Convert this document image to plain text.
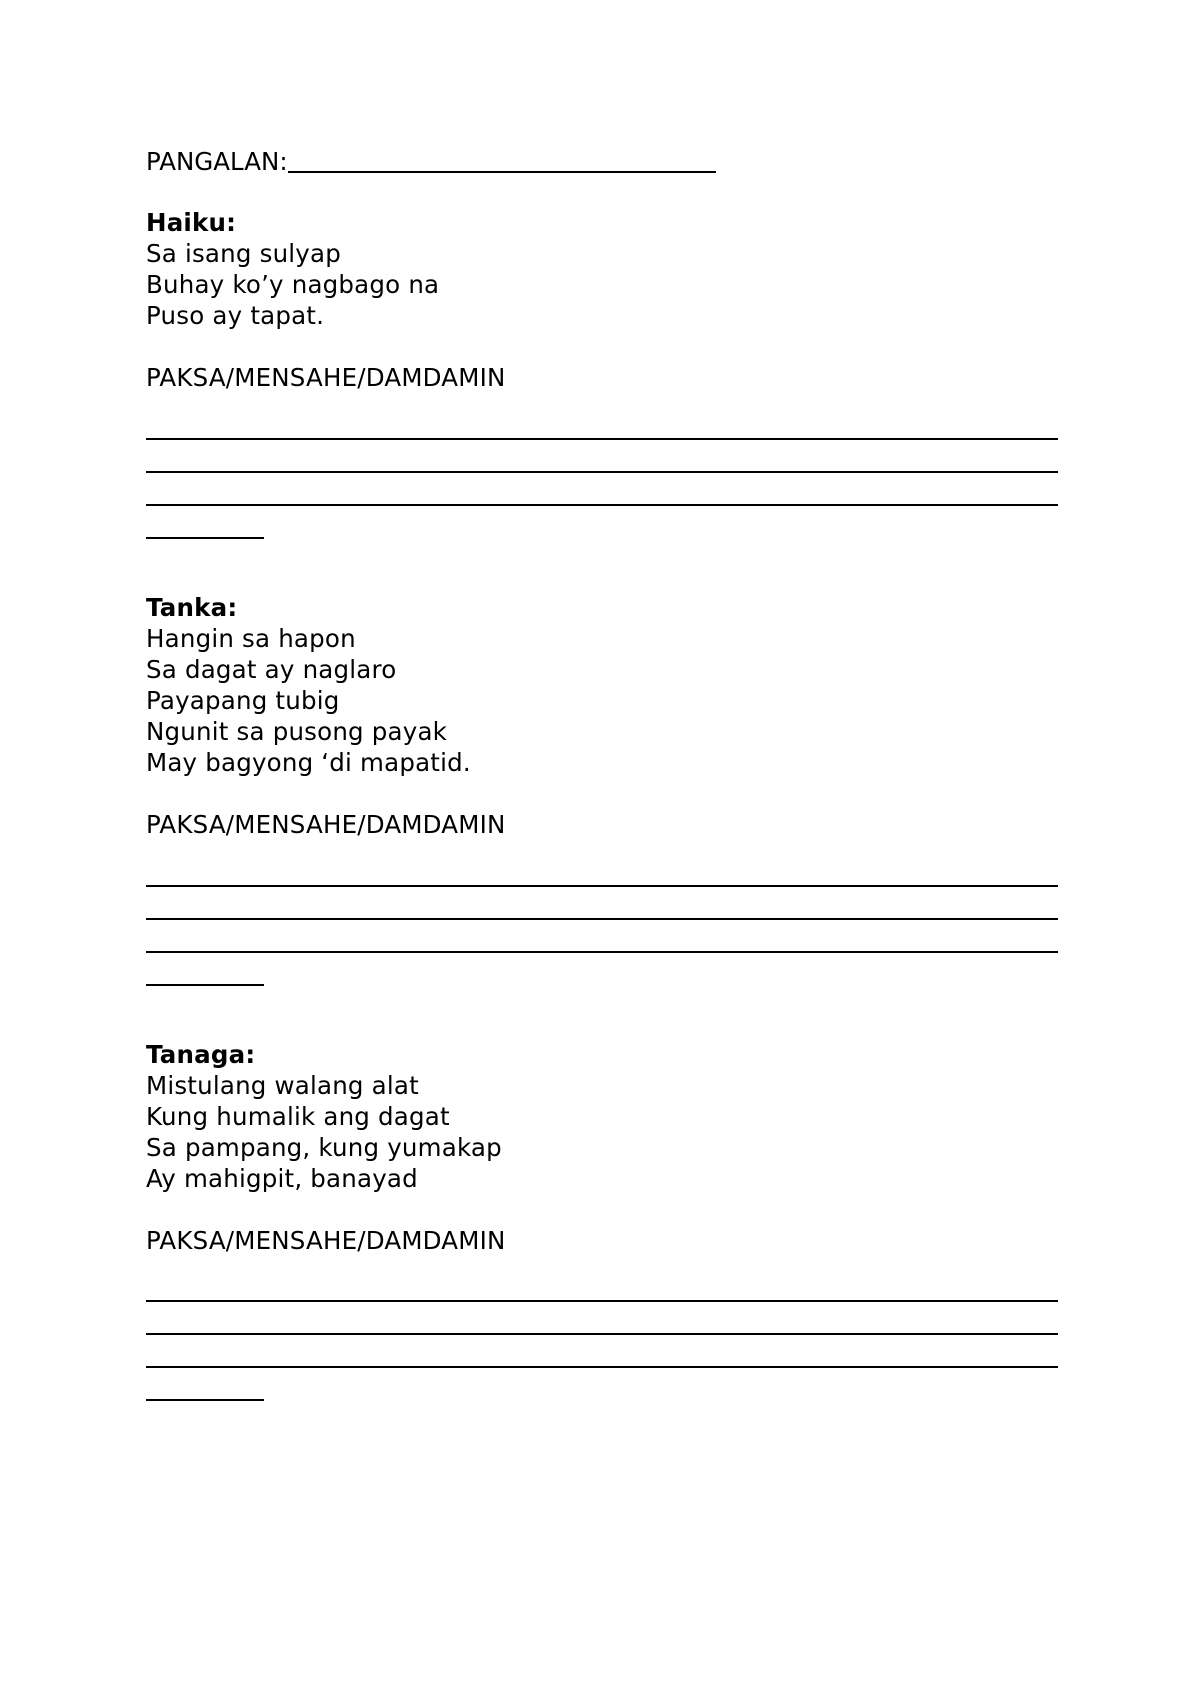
PANGALAN:
Haiku:
Sa isang sulyap
Buhay ko’y nagbago na
Puso ay tapat.
PAKSA/MENSAHE/DAMDAMIN
Tanka:
Hangin sa hapon
Sa dagat ay naglaro
Payapang tubig
Ngunit sa pusong payak
May bagyong ‘di mapatid.
PAKSA/MENSAHE/DAMDAMIN
Tanaga:
Mistulang walang alat
Kung humalik ang dagat
Sa pampang, kung yumakap
Ay mahigpit, banayad
PAKSA/MENSAHE/DAMDAMIN
